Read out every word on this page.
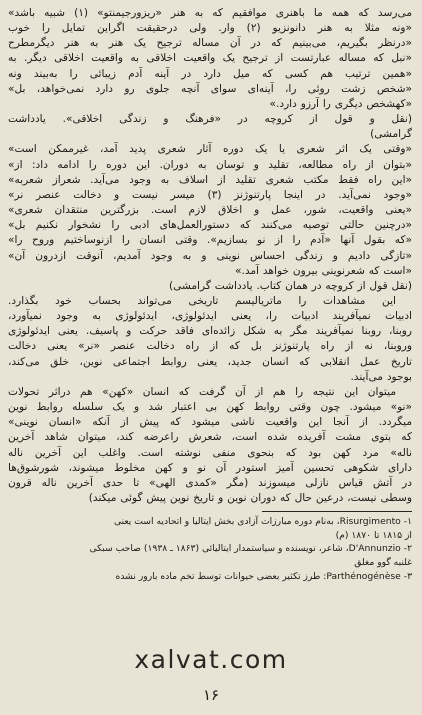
می‌رسد که همه ما باهنری موافقیم که به هنر «ریزورجیمنتو» (۱) شبیه باشد»
«ونه مثلا به هنر دانونزیو (۲) وار. ولی درحقیقت اگراین تمایل را خوب
«درنظر بگیریم، می‌بینیم که در آن مساله ترجیح یک هنر به هنر دیگرمطرح
«نبل که مساله عبارتست از ترجیح یک واقعیت اخلاقی به واقعیت اخلاقی دیگر. به
«همین ترتیب هم کسی که میل دارد در آینه آدم زیبائی را به‌بیند ونه
«شخص زشت روئی را، آینه‌ای سوای آنچه جلوی رو دارد نمی‌خواهد، بل»
«کهشخص دیگری را آرزو دارد.»
(نقل و قول از کروچه در «فرهنگ و زندگی اخلاقی». یادداشت
گرامشی)
«وقتی یک اثر شعری یا یک دوره آثار شعری پدید آمد، غیرممکن است»
«بتوان از راه مطالعه، تقلید و توسان به دوران. این دوره را ادامه داد: از»
«این راه فقط مکتب شعری تقلید از اسلاف به وجود می‌آید. شعراز شعربه»
«وجود نمی‌آید. در اینجا پارتنوژنز (۳) میسر نیست و دخالت عنصر نر»
«یعنی واقعیت، شور، عمل و اخلاق لازم است. بزرگترین منتقدان شعری»
«درچنین حالتی توصیه می‌کنند که دستورالعمل‌های ادبی را نشخوار نکنیم بل»
«که بقول آنها «آدم را از نو بسازیم». وقتی انسان را ازنوساختیم وروح را»
«تازگی دادیم و زندگی احساس نوینی و به وجود آمدیم، آنوقت ازدرون آن»
«است که شعرنوینی بیرون خواهد آمد.»
(نقل قول از کروچه در همان کتاب. یادداشت گرامشی)
این مشاهدات را ماتریالیسم تاریخی می‌تواند بحساب خود بگذارد.
ادبیات نمیآفریند ادبیات را، یعنی ایدئولوژی، ایدئولوژی به وجود نمیآورد،
روبنا، روبنا نمیآفریند مگر به شکل زائده‌ای فاقد حرکت و پاسیف. یعنی ایدئولوژی
وروبنا، نه از راه پارتنوژنز بل که از راه دخالت عنصر «نر» یعنی دخالت
تاریخ عمل انقلابی که انسان جدید، یعنی روابط اجتماعی نوین، خلق می‌کند،
بوجود می‌آیند.
میتوان این نتیجه را هم از آن گرفت که انسان «کهن» هم دراثر تحولات
«نو» میشود. چون وقتی روابط کهن بی اعتبار شد و یک سلسله روابط نوین
میگردد. از آنجا این واقعیت ناشی میشود که پیش از آنکه «انسان نوینی»
که بتوی مشت آفریده شده است، شعرش راعرضه کند، میتوان شاهد آخرین
ناله» مرد کهن بود که بنحوی منفی نوشته است. واغلب این آخرین ناله
دارای شکوهی تحسین آمیز استودر آن نو و کهن مخلوط میشوند، شورشوق‌ها
در آتش قیاس نازلی میسوزند (مگر «کمدی الهی» تا حدی آخرین ناله قرون
وسطی نیست، درعین حال که دوران نوین و تاریخ نوین پیش گوئی میکند)
۱- Risurgimento، به‌نام دوره مبارزات آزادی بخش ایتالیا و اتحادیه است یعنی
از ۱۸۱۵ تا ۱۸۷۰ (م)
۲- D'Annunzio، شاعر، نویسنده و سیاستمدار ایتالیائی (۱۸۶۳ ـ ۱۹۳۸) صاحب سبکی
غلنبه گوو مغلق
۳- Parthénogénèse: طرز تکثیر بعضی حیوانات توسط تخم ماده بارور نشده
xalvat.com
۱۶
